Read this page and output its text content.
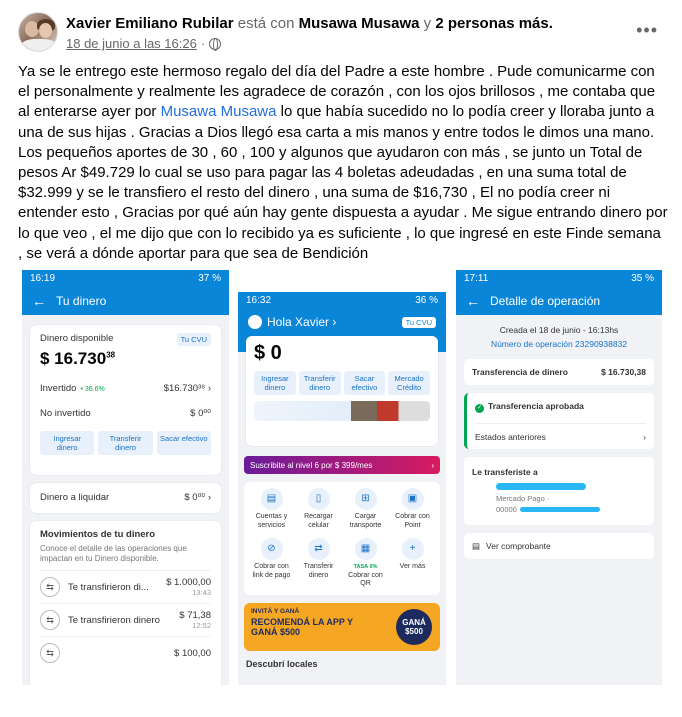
Xavier Emiliano Rubilar está con Musawa Musawa y 2 personas más.
18 de junio a las 16:26 ·
•••
Ya se le entrego este hermoso regalo del día del Padre a este hombre . Pude comunicarme con el personalmente y realmente les agradece de corazón , con los ojos brillosos , me contaba que al enterarse ayer por Musawa Musawa lo que había sucedido no lo podía creer y lloraba junto a una de sus hijas . Gracias a Dios llegó esa carta a mis manos y entre todos le dimos una mano. Los pequeños aportes de 30 , 60 , 100 y algunos que ayudaron con más , se junto un Total de pesos Ar $49.729 lo cual se uso para pagar las 4 boletas adeudadas , en una suma total de $32.999 y se le transfiero el resto del dinero , una suma de $16,730 , El no podía creer ni entender esto , Gracias por qué aún hay gente dispuesta a ayudar . Me sigue entrando dinero por lo que veo , el me dijo que con lo recibido ya es suficiente , lo que ingresé en este Finde semana , se verá a dónde aportar para que sea de Bendición
16:19	37 %
← Tu dinero
Dinero disponible	Tu CVU
$ 16.730$^{38}$
Invertido • 36.6%	$16.730³⁸ ›
No invertido	$ 0⁰⁰
Ingresar dinero
Transferir dinero
Sacar efectivo
Dinero a liquidar	$ 0⁰⁰ ›
Movimientos de tu dinero
Conoce el detalle de las operaciones que impactan en tu Dinero disponible.
⇆	Te transfirieron di... $ 1.000,00
13:43
⇆	Te transfirieron dinero $ 71,38
12:52
⇆	$ 100,00
16:32	36 %
Hola Xavier ›	Tu CVU
$ 0
Ingresar dinero
Transferir dinero
Sacar efectivo
Mercado Crédito
Suscribite al nivel 6 por $ 399/mes	›
▤
Cuentas y servicios
▯
Recargar celular
⊞
Cargar transporte
▣
Cobrar con Point
⊘
Cobrar con link de pago
⇄
Transferir dinero
▦
TASA 0%
Cobrar con QR
+
Ver más
INVITÁ Y GANÁ
RECOMENDÁ LA APP Y GANÁ $500
GANÁ $500
Descubrí locales
17:11	35 %
← Detalle de operación
Creada el 18 de junio - 16:13hs
Número de operación 23290938832
Transferencia de dinero	$ 16.730,38
✓ Transferencia aprobada
Estados anteriores	›
Le transferiste a
Mercado Pago ·
00000
▤ Ver comprobante
